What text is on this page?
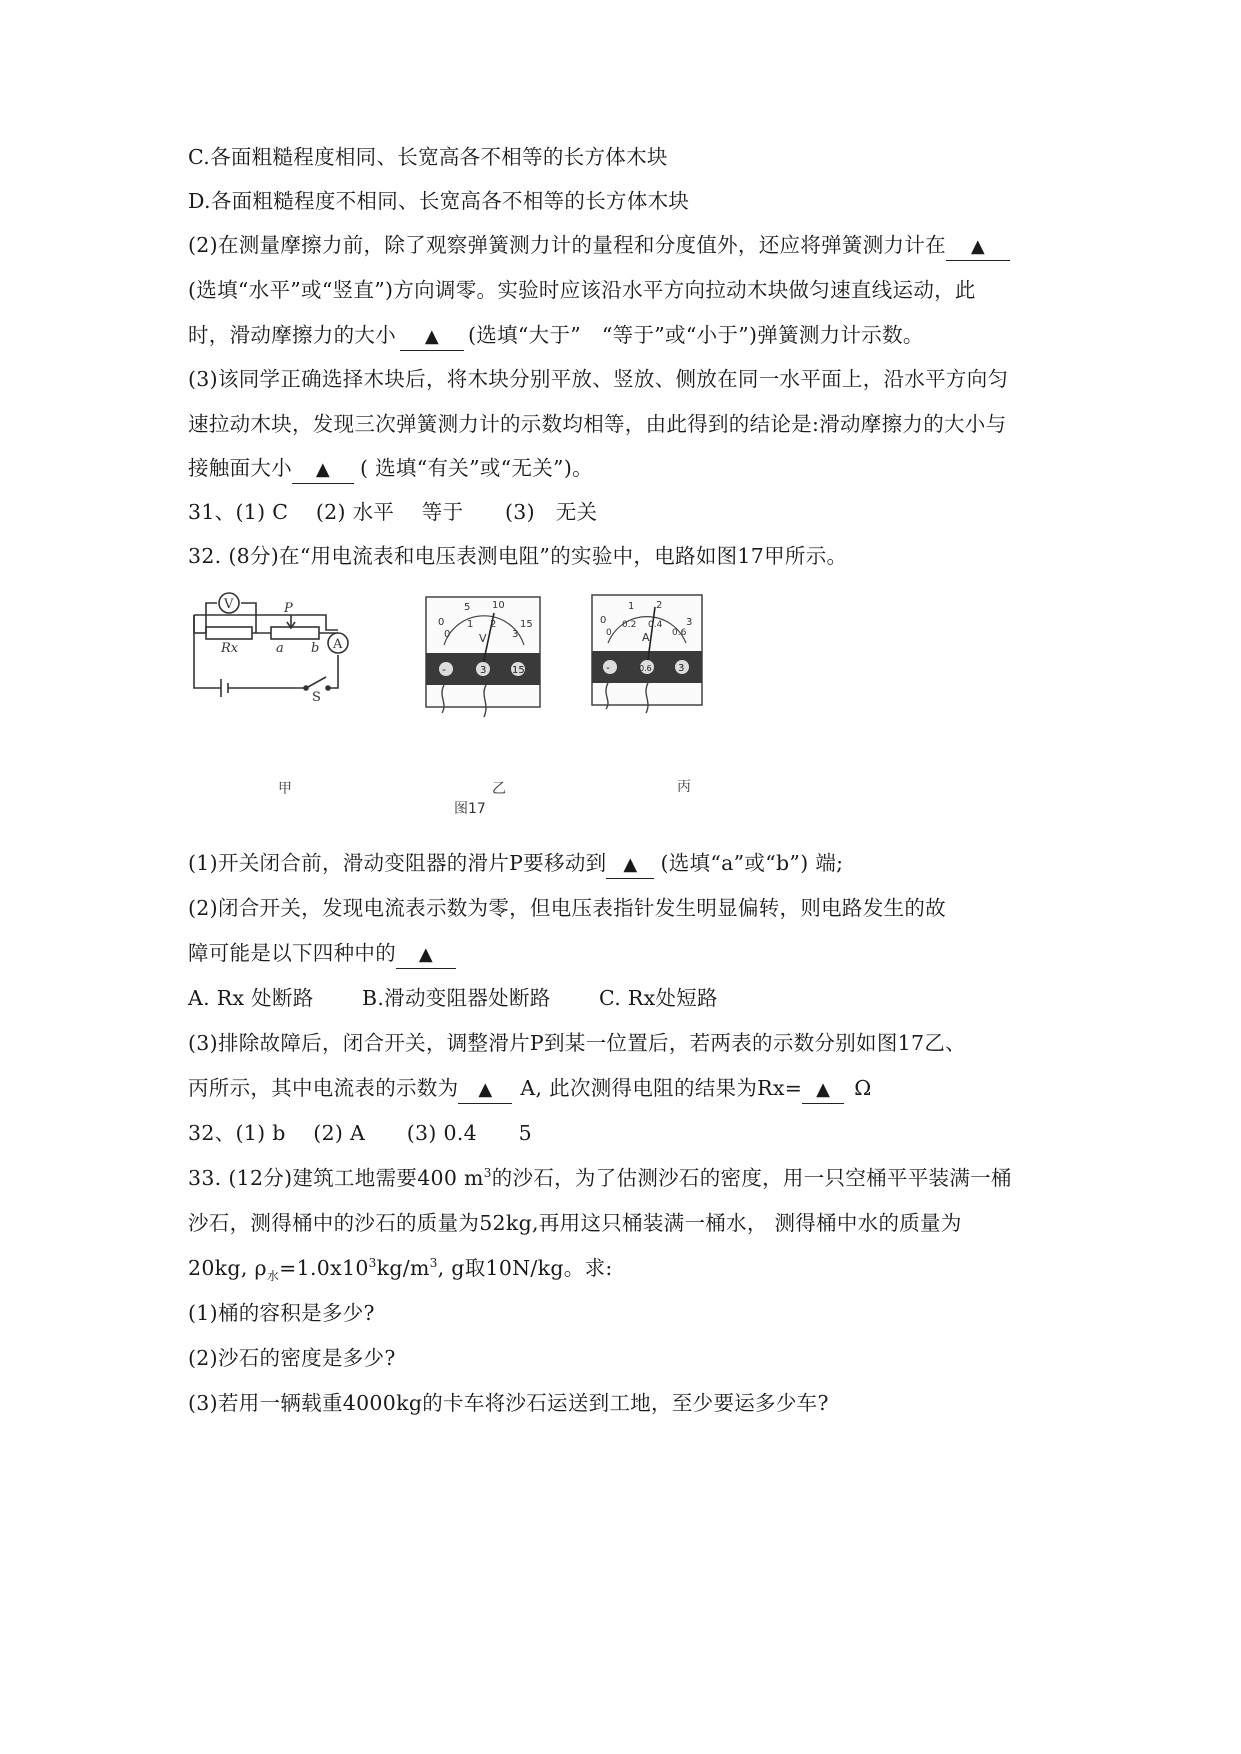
C.各面粗糙程度相同、长宽高各不相等的长方体木块
D.各面粗糙程度不相同、长宽高各不相等的长方体木块
(2)在测量摩擦力前，除了观察弹簧测力计的量程和分度值外，还应将弹簧测力计在 ▲
(选填“水平”或“竖直”)方向调零。实验时应该沿水平方向拉动木块做匀速直线运动，此
时，滑动摩擦力的大小 ▲ (选填“大于”　“等于”或“小于”)弹簧测力计示数。
(3)该同学正确选择木块后，将木块分别平放、竖放、侧放在同一水平面上，沿水平方向匀
速拉动木块，发现三次弹簧测力计的示数均相等，由此得到的结论是:滑动摩擦力的大小与
接触面大小 ▲ ( 选填“有关”或“无关”)。
31、(1) C　 (2) 水平　 等于　　(3)　无关
32. (8分)在“用电流表和电压表测电阻”的实验中，电路如图17甲所示。
V
A
P
Rx	a b
S
0
5 10
15
0
1 2
3
V
-	3	15
0
1 2
3
0
0.2 0.4
0.6
A
-	0.6	3
甲	乙	丙
图17
(1)开关闭合前，滑动变阻器的滑片P要移动到 ▲ (选填“a”或“b”) 端;
(2)闭合开关，发现电流表示数为零，但电压表指针发生明显偏转，则电路发生的故
障可能是以下四种中的 ▲
A. Rx 处断路　　 B.滑动变阻器处断路　　 C. Rx处短路
(3)排除故障后，闭合开关，调整滑片P到某一位置后，若两表的示数分别如图17乙、
丙所示，其中电流表的示数为 ▲ A, 此次测得电阻的结果为Rx= ▲ Ω
32、(1) b　 (2) A　　(3) 0.4　　5
33. (12分)建筑工地需要400 $m^3$的沙石，为了估测沙石的密度，用一只空桶平平装满一桶
沙石，测得桶中的沙石的质量为52kg,再用这只桶装满一桶水， 测得桶中水的质量为
20kg, $\rho_水=1.0x10^3kg/m^3$, g取10N/kg。求:
(1)桶的容积是多少?
(2)沙石的密度是多少?
(3)若用一辆载重4000kg的卡车将沙石运送到工地，至少要运多少车?
